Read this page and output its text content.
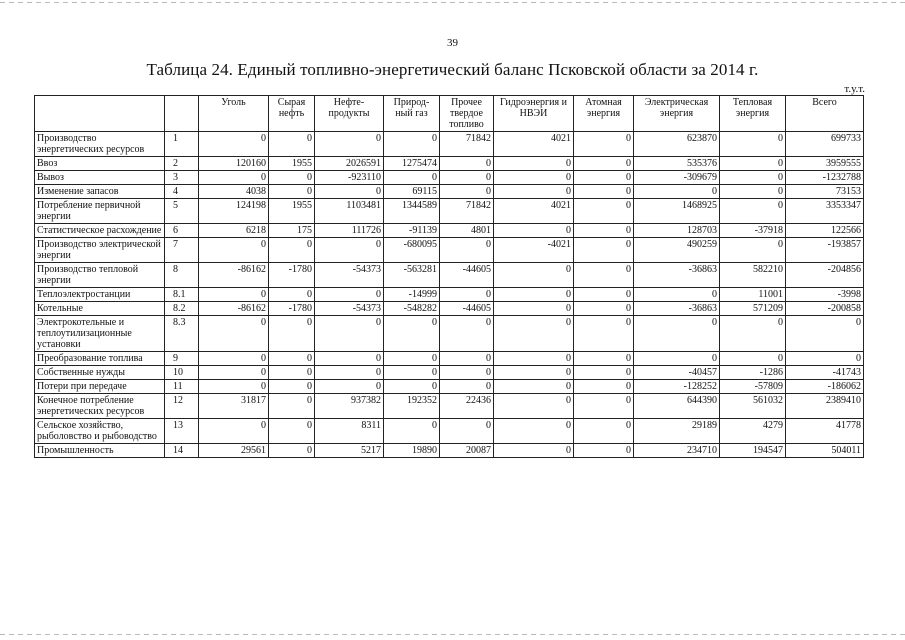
39
Таблица 24. Единый топливно-энергетический баланс Псковской области за 2014 г.
т.у.т.
		Уголь	Сырая нефть	Нефте-продукты	Природ-ный газ	Прочее твердое топливо	Гидроэнергия и НВЭИ	Атомная энергия	Электрическая энергия	Тепловая энергия	Всего
Производство энергетических ресурсов	1	0	0	0	0	71842	4021	0	623870	0	699733
Ввоз	2	120160	1955	2026591	1275474	0	0	0	535376	0	3959555
Вывоз	3	0	0	-923110	0	0	0	0	-309679	0	-1232788
Изменение запасов	4	4038	0	0	69115	0	0	0	0	0	73153
Потребление первичной энергии	5	124198	1955	1103481	1344589	71842	4021	0	1468925	0	3353347
Статистическое расхождение	6	6218	175	111726	-91139	4801	0	0	128703	-37918	122566
Производство электрической энергии	7	0	0	0	-680095	0	-4021	0	490259	0	-193857
Производство тепловой энергии	8	-86162	-1780	-54373	-563281	-44605	0	0	-36863	582210	-204856
Теплоэлектростанции	8.1	0	0	0	-14999	0	0	0	0	11001	-3998
Котельные	8.2	-86162	-1780	-54373	-548282	-44605	0	0	-36863	571209	-200858
Электрокотельные и теплоутилизационные установки	8.3	0	0	0	0	0	0	0	0	0	0
Преобразование топлива	9	0	0	0	0	0	0	0	0	0	0
Собственные нужды	10	0	0	0	0	0	0	0	-40457	-1286	-41743
Потери при передаче	11	0	0	0	0	0	0	0	-128252	-57809	-186062
Конечное потребление энергетических ресурсов	12	31817	0	937382	192352	22436	0	0	644390	561032	2389410
Сельское хозяйство, рыболовство и рыбоводство	13	0	0	8311	0	0	0	0	29189	4279	41778
Промышленность	14	29561	0	5217	19890	20087	0	0	234710	194547	504011
